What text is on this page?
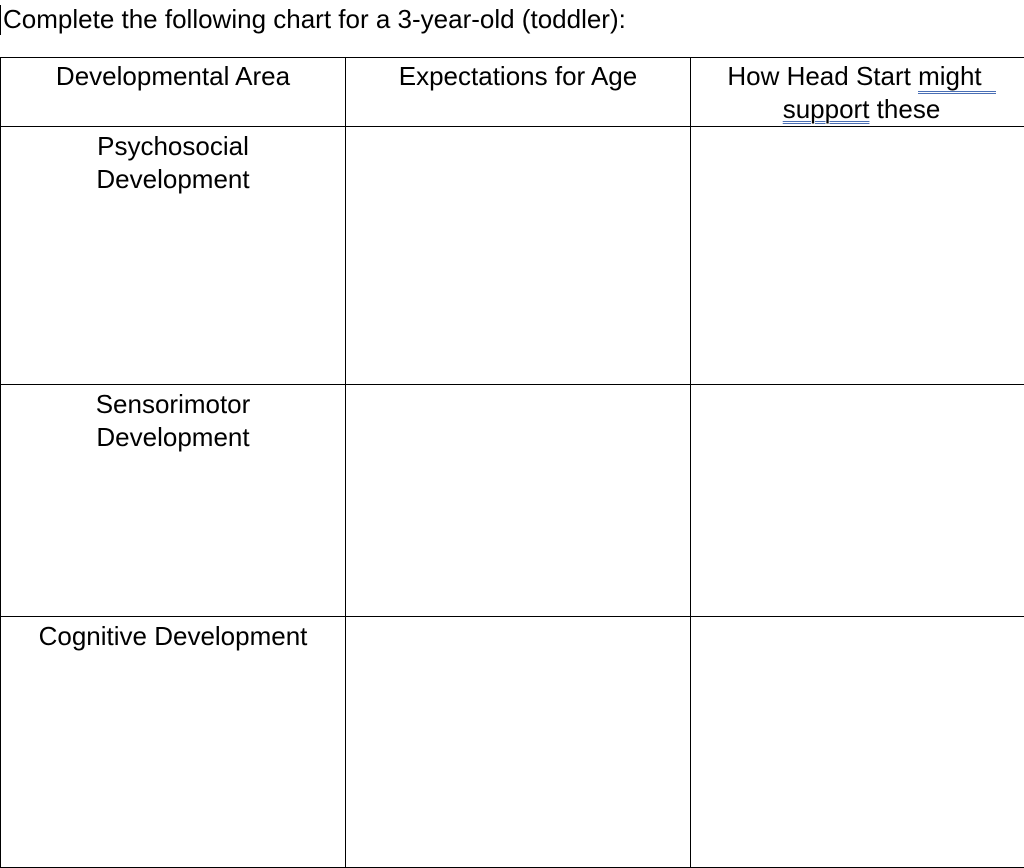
Complete the following chart for a 3-year-old (toddler):
Developmental Area	Expectations for Age	How Head Start might
support these

Psychosocial
Development		

Sensorimotor
Development		

Cognitive Development		
